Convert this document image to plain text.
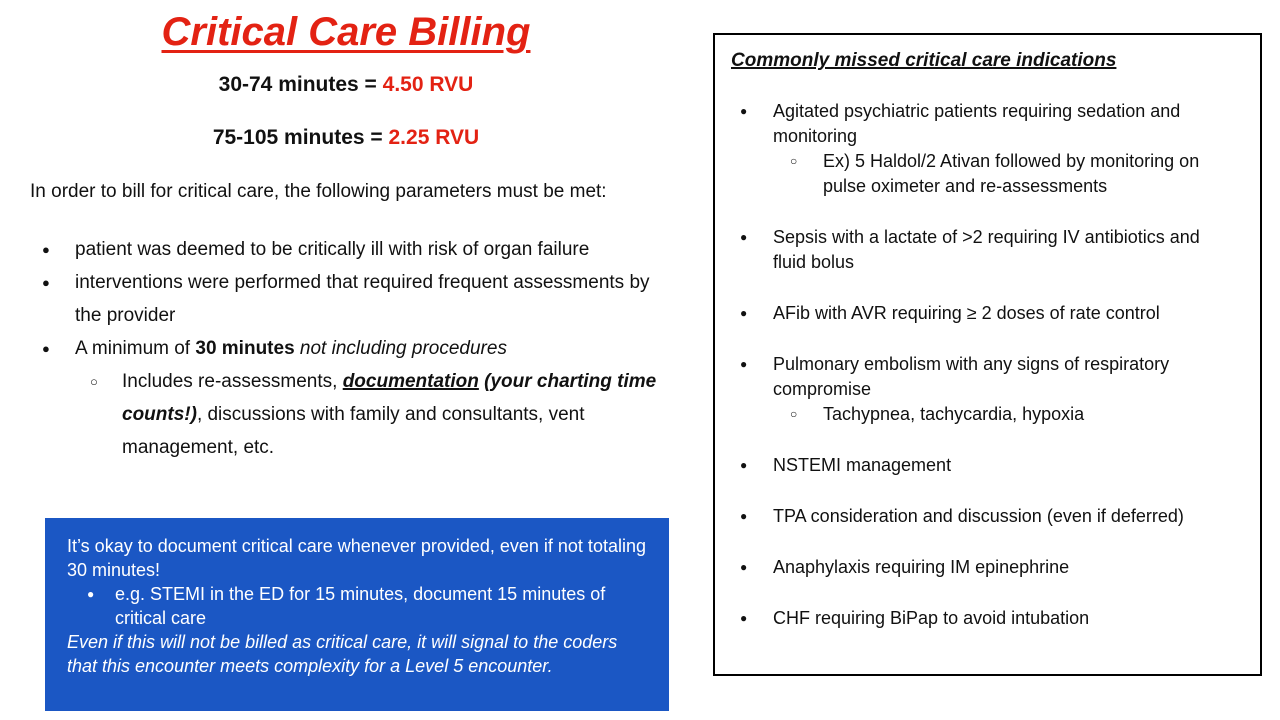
Critical Care Billing

30-74 minutes = 4.50 RVU

75-105 minutes = 2.25 RVU

In order to bill for critical care, the following parameters must be met:

●
patient was deemed to be critically ill with risk of organ failure
●
interventions were performed that required frequent assessments by the provider
●
A minimum of 30 minutes not including procedures
○
Includes re-assessments, documentation (your charting time counts!), discussions with family and consultants, vent management, etc.

It’s okay to document critical care whenever provided, even if not totaling 30 minutes!

●
e.g. STEMI in the ED for 15 minutes, document 15 minutes of critical care

Even if this will not be billed as critical care, it will signal to the coders that this encounter meets complexity for a Level 5 encounter.

Commonly missed critical care indications
●
Agitated psychiatric patients requiring sedation and monitoring
○
Ex) 5 Haldol/2 Ativan followed by monitoring on pulse oximeter and re-assessments
●
Sepsis with a lactate of >2 requiring IV antibiotics and fluid bolus
●
AFib with AVR requiring ≥ 2 doses of rate control
●
Pulmonary embolism with any signs of respiratory compromise
○
Tachypnea, tachycardia, hypoxia
●
NSTEMI management
●
TPA consideration and discussion (even if deferred)
●
Anaphylaxis requiring IM epinephrine
●
CHF requiring BiPap to avoid intubation
